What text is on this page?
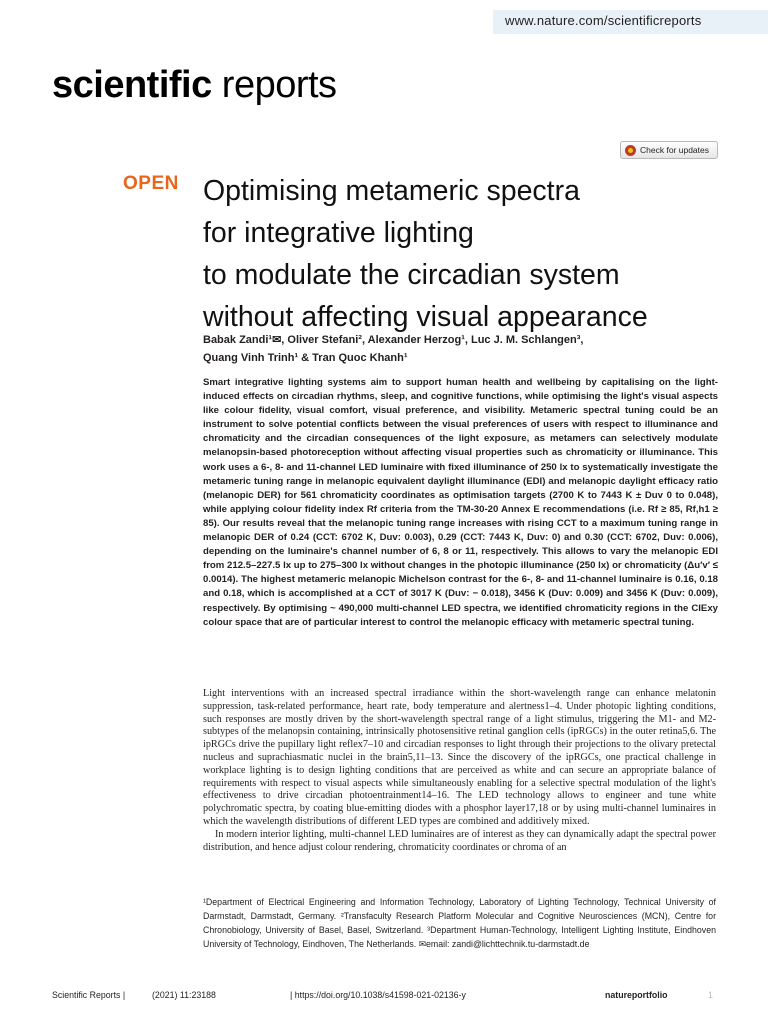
www.nature.com/scientificreports
scientific reports
Check for updates
OPEN Optimising metameric spectra
for integrative lighting
to modulate the circadian system
without affecting visual appearance
Babak Zandi¹✉, Oliver Stefani², Alexander Herzog¹, Luc J. M. Schlangen³,
Quang Vinh Trinh¹ & Tran Quoc Khanh¹
Smart integrative lighting systems aim to support human health and wellbeing by capitalising on the light-induced effects on circadian rhythms, sleep, and cognitive functions, while optimising the light's visual aspects like colour fidelity, visual comfort, visual preference, and visibility. Metameric spectral tuning could be an instrument to solve potential conflicts between the visual preferences of users with respect to illuminance and chromaticity and the circadian consequences of the light exposure, as metamers can selectively modulate melanopsin-based photoreception without affecting visual properties such as chromaticity or illuminance. This work uses a 6-, 8- and 11-channel LED luminaire with fixed illuminance of 250 lx to systematically investigate the metameric tuning range in melanopic equivalent daylight illuminance (EDI) and melanopic daylight efficacy ratio (melanopic DER) for 561 chromaticity coordinates as optimisation targets (2700 K to 7443 K ± Duv 0 to 0.048), while applying colour fidelity index Rf criteria from the TM-30-20 Annex E recommendations (i.e. Rf ≥ 85, Rf,h1 ≥ 85). Our results reveal that the melanopic tuning range increases with rising CCT to a maximum tuning range in melanopic DER of 0.24 (CCT: 6702 K, Duv: 0.003), 0.29 (CCT: 7443 K, Duv: 0) and 0.30 (CCT: 6702, Duv: 0.006), depending on the luminaire's channel number of 6, 8 or 11, respectively. This allows to vary the melanopic EDI from 212.5–227.5 lx up to 275–300 lx without changes in the photopic illuminance (250 lx) or chromaticity (Δu′v′ ≤ 0.0014). The highest metameric melanopic Michelson contrast for the 6-, 8- and 11-channel luminaire is 0.16, 0.18 and 0.18, which is accomplished at a CCT of 3017 K (Duv: − 0.018), 3456 K (Duv: 0.009) and 3456 K (Duv: 0.009), respectively. By optimising ~ 490,000 multi-channel LED spectra, we identified chromaticity regions in the CIExy colour space that are of particular interest to control the melanopic efficacy with metameric spectral tuning.

Light interventions with an increased spectral irradiance within the short-wavelength range can enhance melatonin suppression, task-related performance, heart rate, body temperature and alertness1–4. Under photopic lighting conditions, such responses are mostly driven by the short-wavelength spectral range of a light stimulus, triggering the M1- and M2-subtypes of the melanopsin containing, intrinsically photosensitive retinal ganglion cells (ipRGCs) in the outer retina5,6. The ipRGCs drive the pupillary light reflex7–10 and circadian responses to light through their projections to the olivary pretectal nucleus and suprachiasmatic nuclei in the brain5,11–13. Since the discovery of the ipRGCs, one practical challenge in workplace lighting is to design lighting conditions that are perceived as white and can secure an appropriate balance of requirements with respect to visual aspects while simultaneously enabling for a selective spectral modulation of the light's effectiveness to drive circadian photoentrainment14–16. The LED technology allows to engineer and tune white polychromatic spectra, by coating blue-emitting diodes with a phosphor layer17,18 or by using multi-channel luminaires in which the wavelength distributions of different LED types are combined and additively mixed.

In modern interior lighting, multi-channel LED luminaires are of interest as they can dynamically adapt the spectral power distribution, and hence adjust colour rendering, chromaticity coordinates or chroma of an

¹Department of Electrical Engineering and Information Technology, Laboratory of Lighting Technology, Technical University of Darmstadt, Darmstadt, Germany. ²Transfaculty Research Platform Molecular and Cognitive Neurosciences (MCN), Centre for Chronobiology, University of Basel, Basel, Switzerland. ³Department Human-Technology, Intelligent Lighting Institute, Eindhoven University of Technology, Eindhoven, The Netherlands. ✉email: zandi@lichttechnik.tu-darmstadt.de
Scientific Reports |	(2021) 11:23188	| https://doi.org/10.1038/s41598-021-02136-y	natureportfolio	1
